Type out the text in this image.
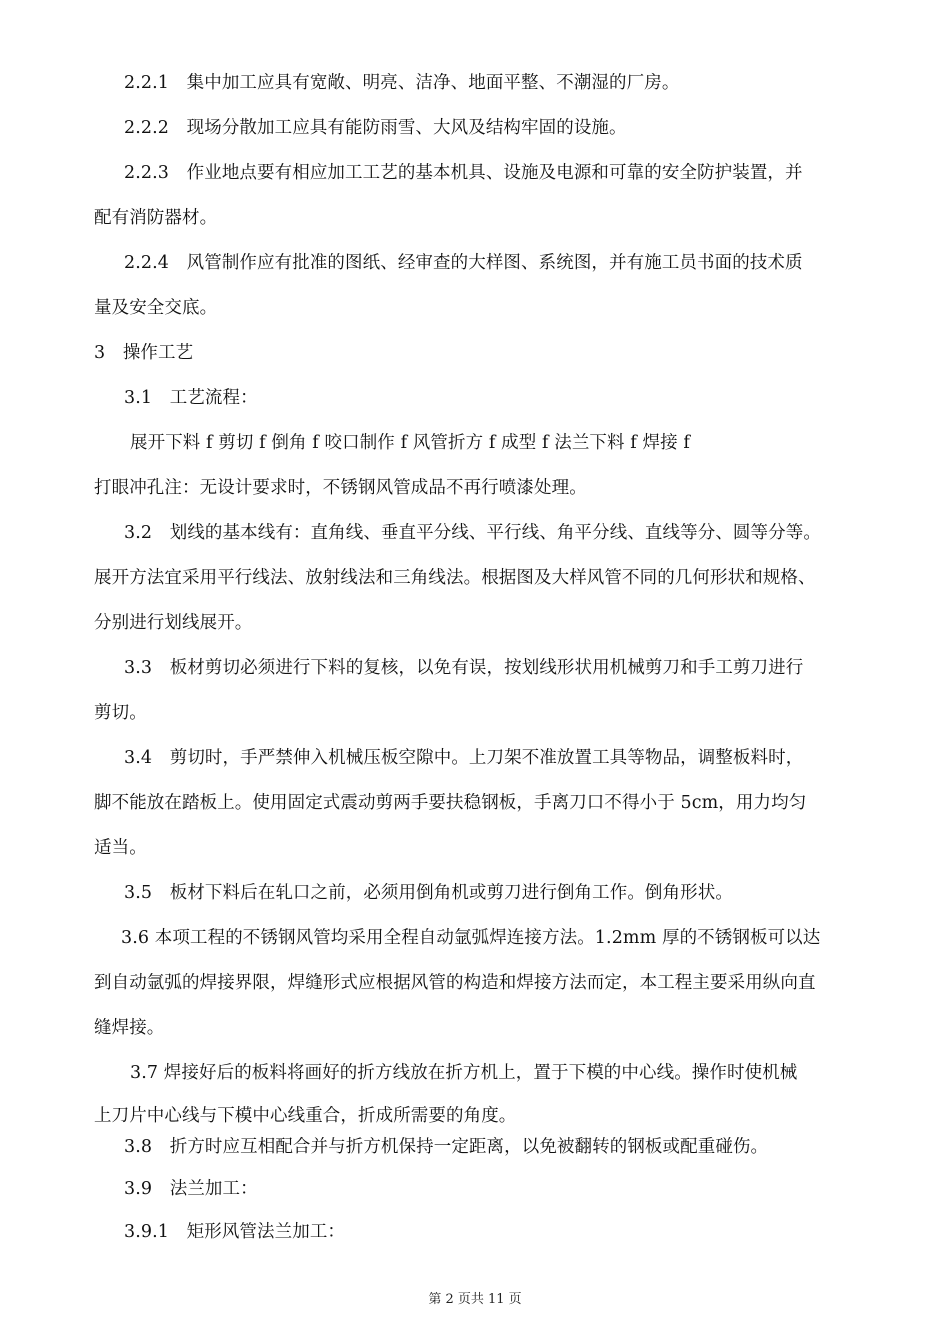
2.2.1　集中加工应具有宽敞、明亮、洁净、地面平整、不潮湿的厂房。
2.2.2　现场分散加工应具有能防雨雪、大风及结构牢固的设施。
2.2.3　作业地点要有相应加工工艺的基本机具、设施及电源和可靠的安全防护装置，并
配有消防器材。
2.2.4　风管制作应有批准的图纸、经审查的大样图、系统图，并有施工员书面的技术质
量及安全交底。
3　操作工艺
3.1　工艺流程：
展开下料 f 剪切 f 倒角 f 咬口制作 f 风管折方 f 成型 f 法兰下料 f 焊接 f
打眼冲孔注：无设计要求时，不锈钢风管成品不再行喷漆处理。
3.2　划线的基本线有：直角线、垂直平分线、平行线、角平分线、直线等分、圆等分等。
展开方法宜采用平行线法、放射线法和三角线法。根据图及大样风管不同的几何形状和规格、
分别进行划线展开。
3.3　板材剪切必须进行下料的复核，以免有误，按划线形状用机械剪刀和手工剪刀进行
剪切。
3.4　剪切时，手严禁伸入机械压板空隙中。上刀架不准放置工具等物品，调整板料时，
脚不能放在踏板上。使用固定式震动剪两手要扶稳钢板，手离刀口不得小于 5cm，用力均匀
适当。
3.5　板材下料后在轧口之前，必须用倒角机或剪刀进行倒角工作。倒角形状。
3.6 本项工程的不锈钢风管均采用全程自动氩弧焊连接方法。1.2mm 厚的不锈钢板可以达
到自动氩弧的焊接界限，焊缝形式应根据风管的构造和焊接方法而定，本工程主要采用纵向直
缝焊接。
3.7 焊接好后的板料将画好的折方线放在折方机上，置于下模的中心线。操作时使机械
上刀片中心线与下模中心线重合，折成所需要的角度。
3.8　折方时应互相配合并与折方机保持一定距离，以免被翻转的钢板或配重碰伤。
3.9　法兰加工：
3.9.1　矩形风管法兰加工：
第 2 页共 11 页
